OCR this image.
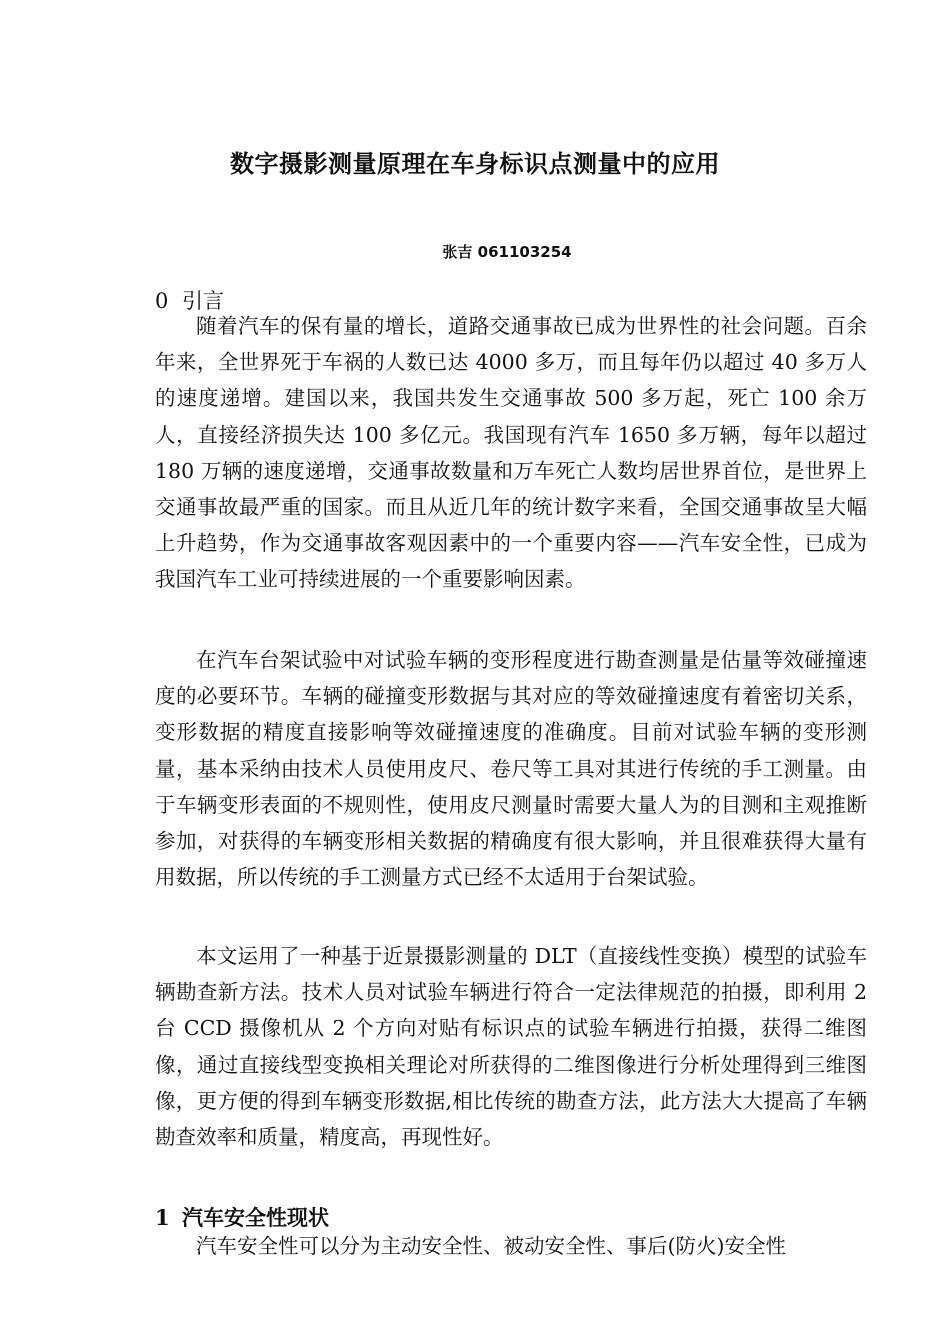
数字摄影测量原理在车身标识点测量中的应用
张吉 061103254
0 引言

随着汽车的保有量的增长，道路交通事故已成为世界性的社会问题。百余年来，全世界死于车祸的人数已达 4000 多万，而且每年仍以超过 40 多万人的速度递增。建国以来，我国共发生交通事故 500 多万起，死亡 100 余万人，直接经济损失达 100 多亿元。我国现有汽车 1650 多万辆，每年以超过 180 万辆的速度递增，交通事故数量和万车死亡人数均居世界首位，是世界上交通事故最严重的国家。而且从近几年的统计数字来看，全国交通事故呈大幅上升趋势，作为交通事故客观因素中的一个重要内容——汽车安全性，已成为我国汽车工业可持续进展的一个重要影响因素。

在汽车台架试验中对试验车辆的变形程度进行勘查测量是估量等效碰撞速度的必要环节。车辆的碰撞变形数据与其对应的等效碰撞速度有着密切关系，变形数据的精度直接影响等效碰撞速度的准确度。目前对试验车辆的变形测量，基本采纳由技术人员使用皮尺、卷尺等工具对其进行传统的手工测量。由于车辆变形表面的不规则性，使用皮尺测量时需要大量人为的目测和主观推断参加，对获得的车辆变形相关数据的精确度有很大影响，并且很难获得大量有用数据，所以传统的手工测量方式已经不太适用于台架试验。

本文运用了一种基于近景摄影测量的 DLT（直接线性变换）模型的试验车辆勘查新方法。技术人员对试验车辆进行符合一定法律规范的拍摄，即利用 2 台 CCD 摄像机从 2 个方向对贴有标识点的试验车辆进行拍摄，获得二维图像，通过直接线型变换相关理论对所获得的二维图像进行分析处理得到三维图像，更方便的得到车辆变形数据,相比传统的勘查方法，此方法大大提高了车辆勘查效率和质量，精度高，再现性好。

1 汽车安全性现状

汽车安全性可以分为主动安全性、被动安全性、事后(防火)安全性
